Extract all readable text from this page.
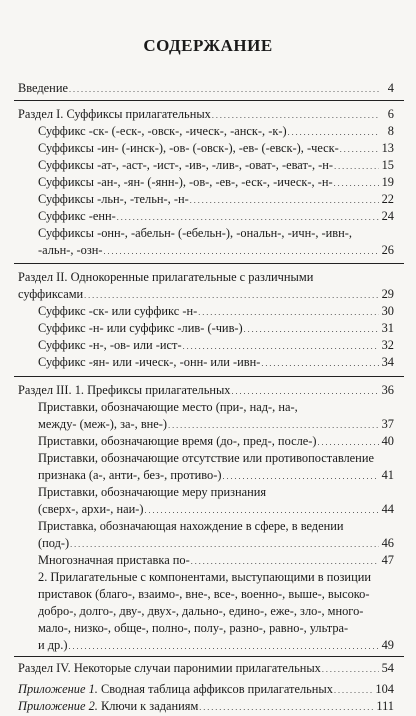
СОДЕРЖАНИЕ
Введение . . .	4
Раздел I. Суффиксы прилагательных . . .	6
Суффикс -ск- (-еск-, -овск-, -ическ-, -анск-, -к-) . . .	8
Суффиксы -ин- (-инск-), -ов- (-овск-), -ев- (-евск-), -ческ- . . .	13
Суффиксы -ат-, -аст-, -ист-, -ив-, -лив-, -оват-, -еват-, -н- . . .	15
Суффиксы -ан-, -ян- (-янн-), -ов-, -ев-, -еск-, -ическ-, -н- . . .	19
Суффиксы -льн-, -тельн-, -н- . . .	22
Суффикс -енн- . . .	24
Суффиксы -онн-, -абельн- (-ебельн-), -ональн-, -ичн-, -ивн-,
-альн-, -озн- . . .	26
Раздел II. Однокоренные прилагательные с различными
суффиксами . . .	29
Суффикс -ск- или суффикс -н- . . .	30
Суффикс -н- или суффикс -лив- (-чив-) . . .	31
Суффикс -н-, -ов- или -ист- . . .	32
Суффикс -ян- или -ическ-, -онн- или -ивн- . . .	34
Раздел III. 1. Префиксы прилагательных . . .	36
Приставки, обозначающие место (при-, над-, на-,
между- (меж-), за-, вне-) . . .	37
Приставки, обозначающие время (до-, пред-, после-) . . .	40
Приставки, обозначающие отсутствие или противопоставление
признака (а-, анти-, без-, противо-) . . .	41
Приставки, обозначающие меру признания
(сверх-, архи-, наи-) . . .	44
Приставка, обозначающая нахождение в сфере, в ведении
(под-) . . .	46
Многозначная приставка по- . . .	47
2. Прилагательные с компонентами, выступающими в позиции
приставок (благо-, взаимо-, вне-, все-, военно-, выше-, высоко-
добро-, долго-, дву-, двух-, дально-, едино-, еже-, зло-, много-
мало-, низко-, обще-, полно-, полу-, разно-, равно-, ультра-
и др.) . . .	49
Раздел IV. Некоторые случаи паронимии прилагательных . . .	54
Приложение 1. Сводная таблица аффиксов прилагательных . . .	104
Приложение 2. Ключи к заданиям . . .	111
